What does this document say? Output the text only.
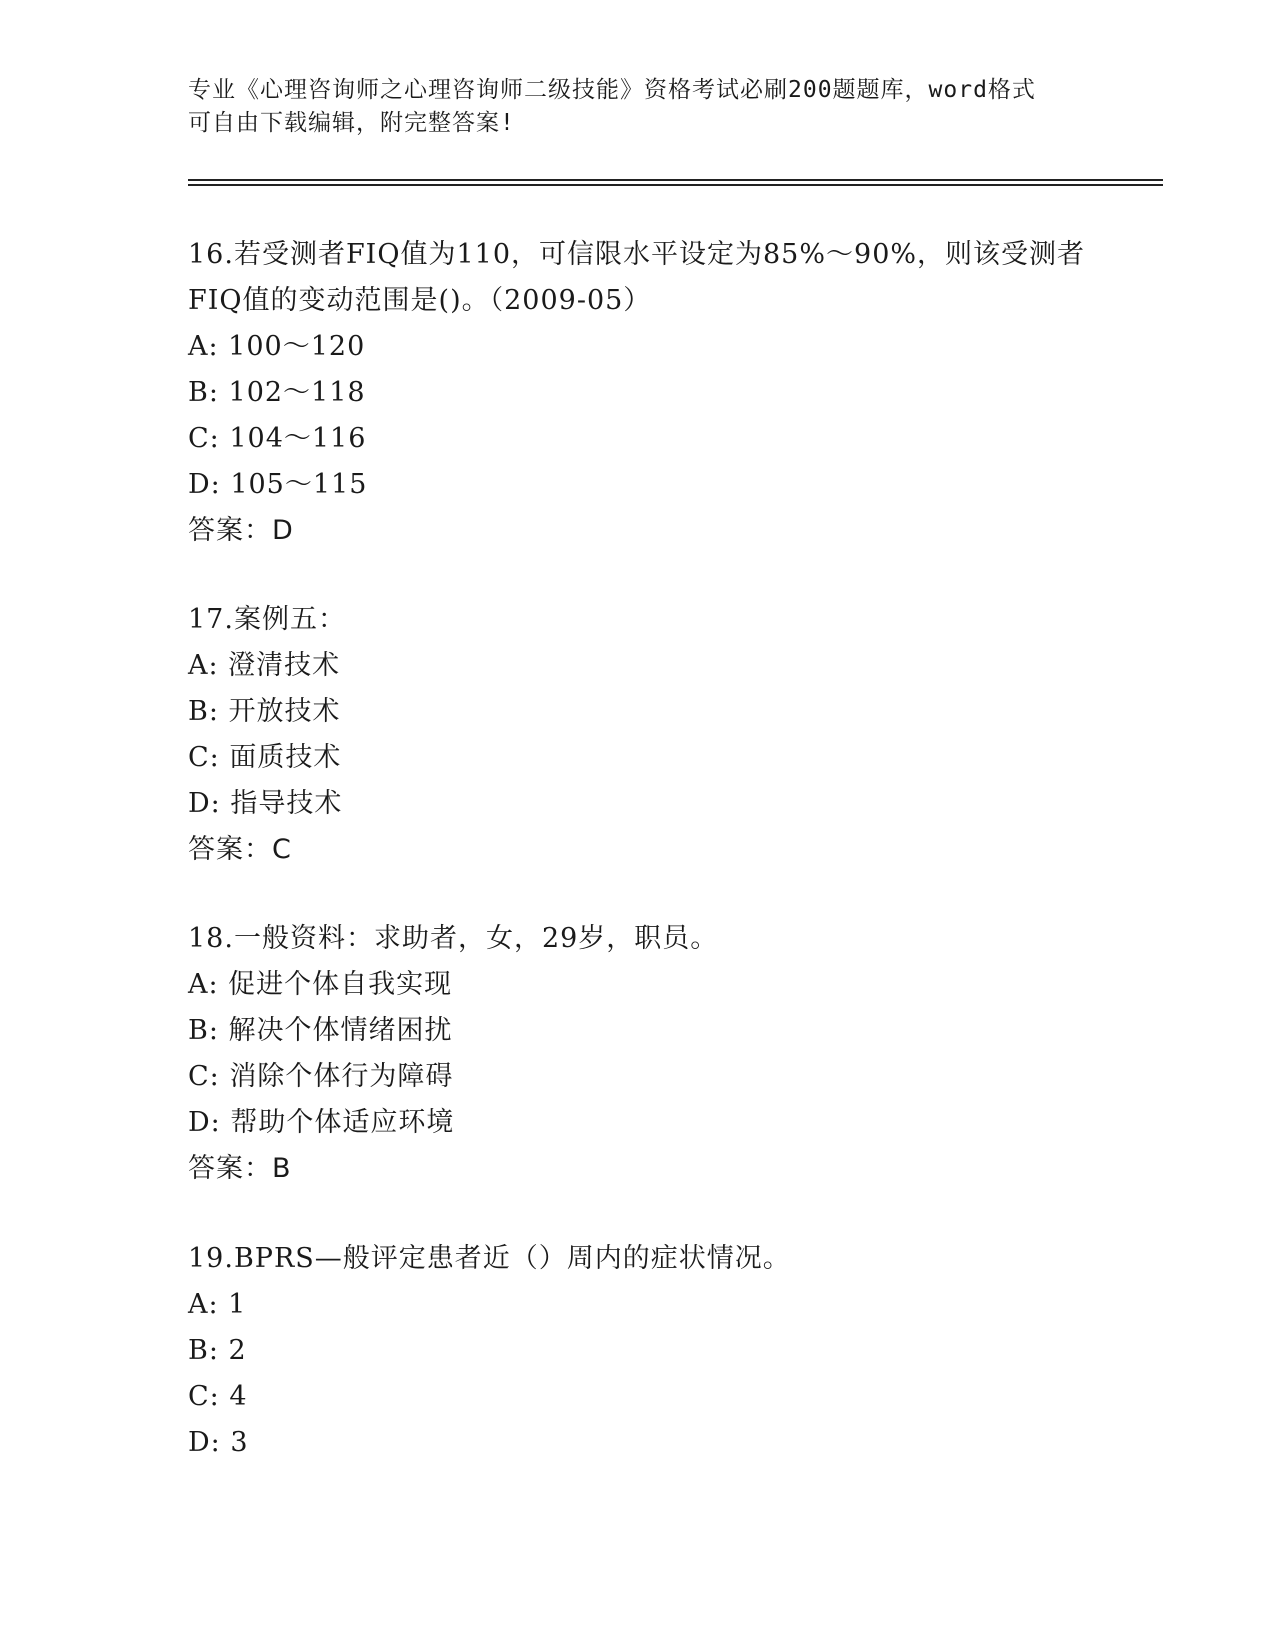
专业《心理咨询师之心理咨询师二级技能》资格考试必刷200题题库，word格式
可自由下载编辑，附完整答案!

16.若受测者FIQ值为110，可信限水平设定为85%～90%，则该受测者

FIQ值的变动范围是()。（2009-05）

A: 100～120

B: 102～118

C: 104～116

D: 105～115

答案：D

17.案例五：

A: 澄清技术

B: 开放技术

C: 面质技术

D: 指导技术

答案：C

18.一般资料：求助者，女，29岁，职员。

A: 促进个体自我实现

B: 解决个体情绪困扰

C: 消除个体行为障碍

D: 帮助个体适应环境

答案：B

19.BPRS—般评定患者近（）周内的症状情况。

A: 1

B: 2

C: 4

D: 3
